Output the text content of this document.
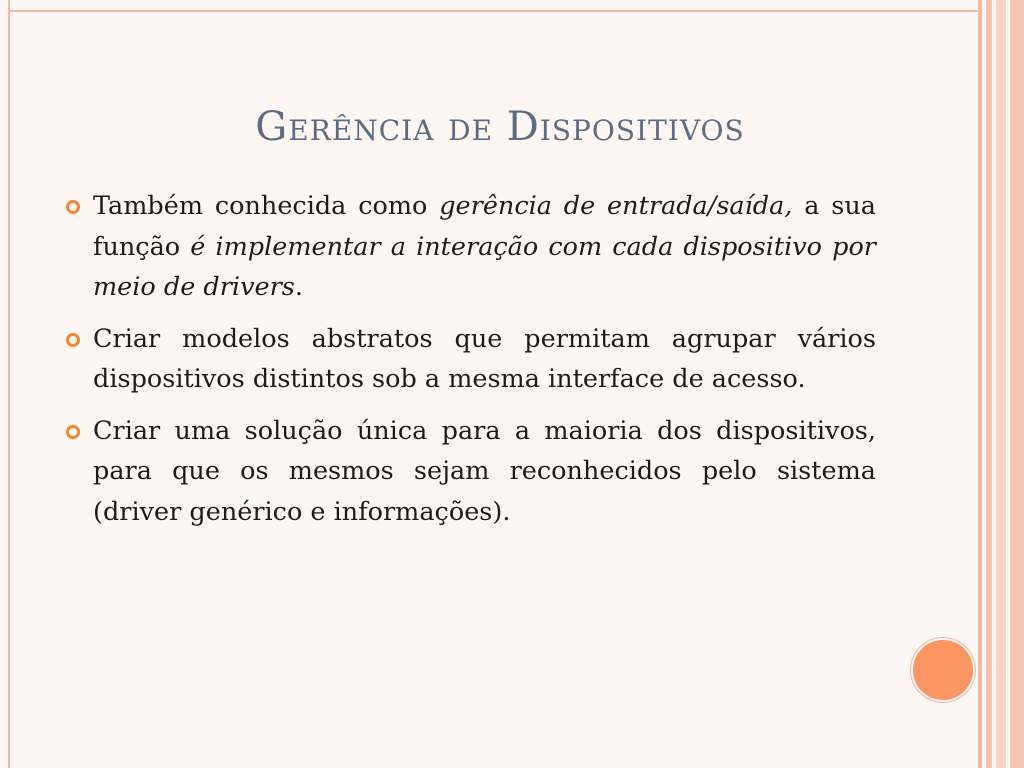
Gerência de Dispositivos
Também conhecida como gerência de entrada/saída, a sua função é implementar a interação com cada dispositivo por meio de drivers.
Criar modelos abstratos que permitam agrupar vários dispositivos distintos sob a mesma interface de acesso.
Criar uma solução única para a maioria dos dispositivos, para que os mesmos sejam reconhecidos pelo sistema (driver genérico e informações).
